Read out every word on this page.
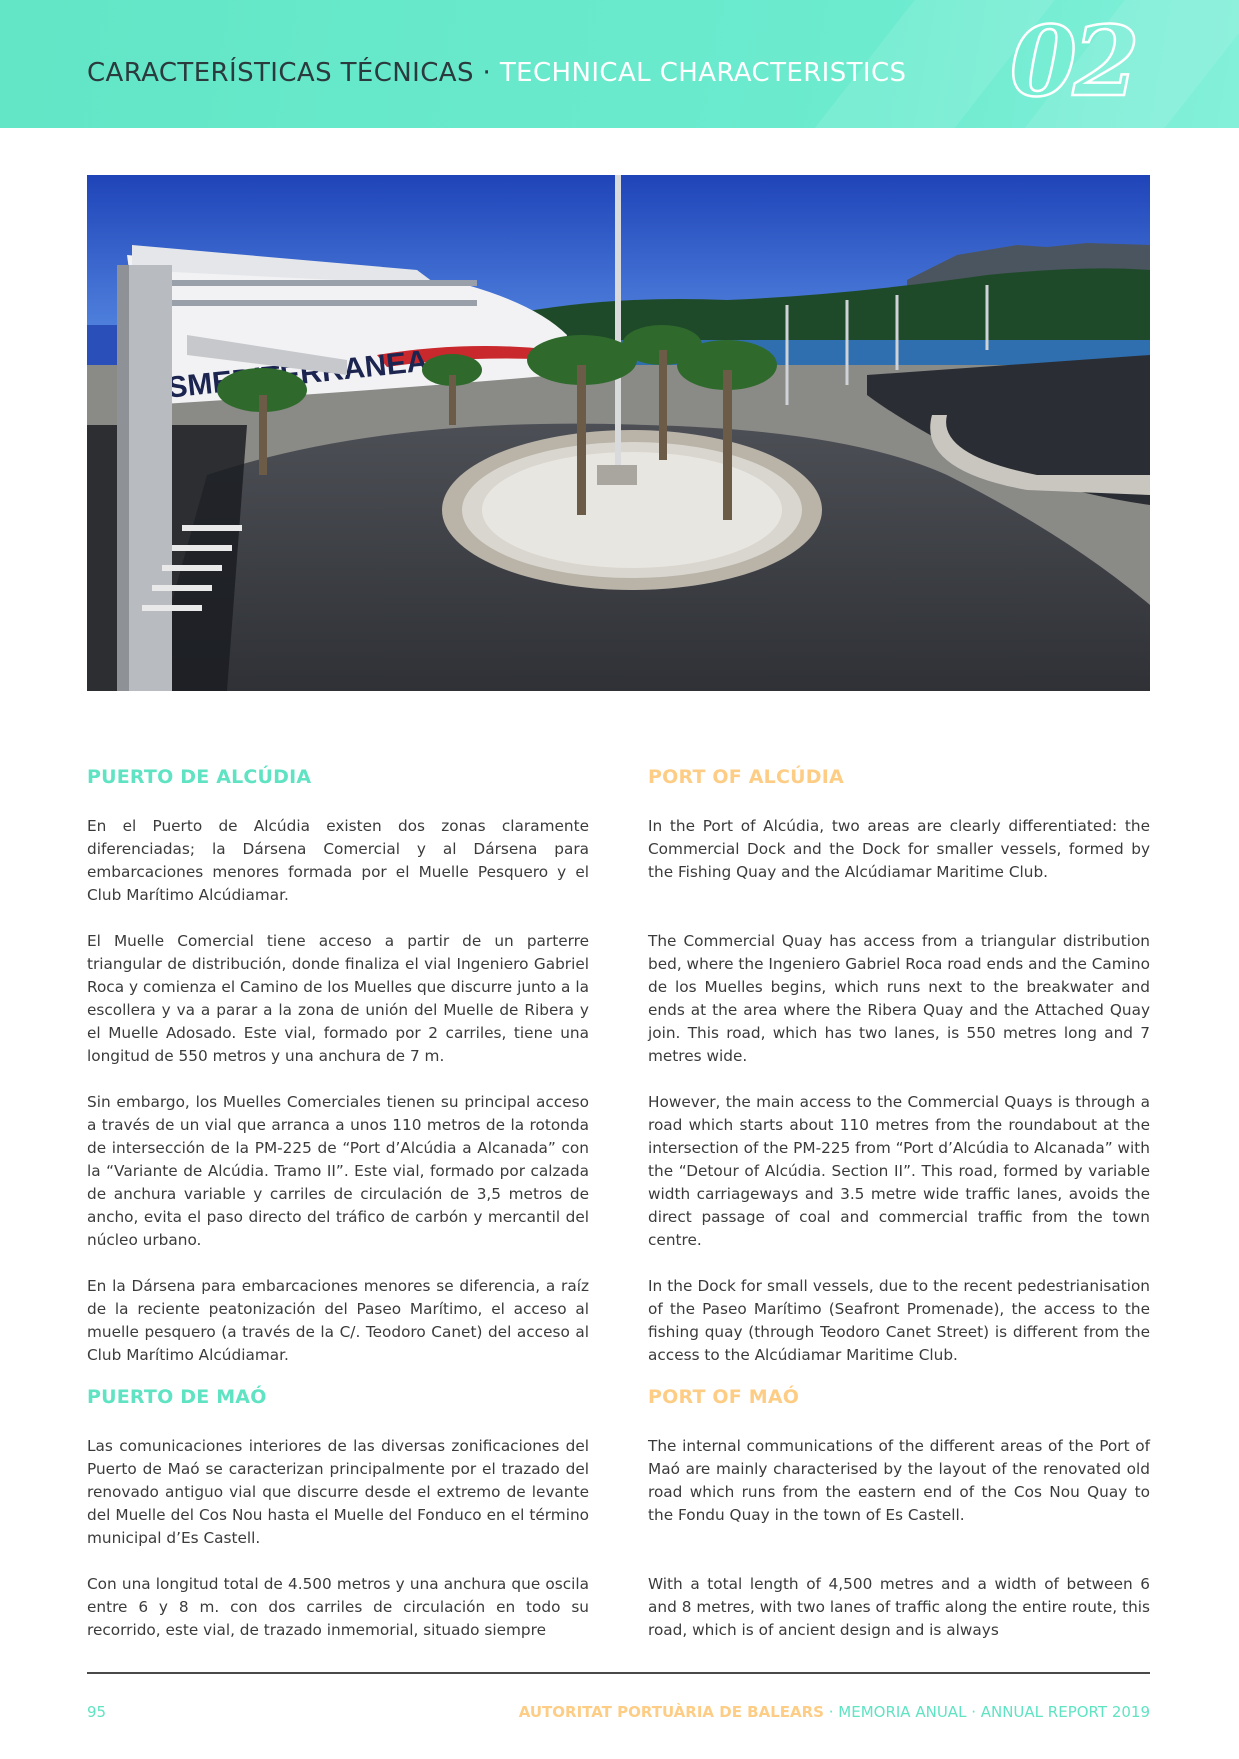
CARACTERÍSTICAS TÉCNICAS · TECHNICAL CHARACTERISTICS 02
PUERTO DE ALCÚDIA
En el Puerto de Alcúdia existen dos zonas claramente diferenciadas; la Dársena Comercial y al Dársena para embarcaciones menores formada por el Muelle Pesquero y el Club Marítimo Alcúdiamar.
El Muelle Comercial tiene acceso a partir de un parterre triangular de distribución, donde finaliza el vial Ingeniero Gabriel Roca y comienza el Camino de los Muelles que discurre junto a la escollera y va a parar a la zona de unión del Muelle de Ribera y el Muelle Adosado. Este vial, formado por 2 carriles, tiene una longitud de 550 metros y una anchura de 7 m.
Sin embargo, los Muelles Comerciales tienen su principal acceso a través de un vial que arranca a unos 110 metros de la rotonda de intersección de la PM-225 de “Port d’Alcúdia a Alcanada” con la “Variante de Alcúdia. Tramo II”. Este vial, formado por calzada de anchura variable y carriles de circulación de 3,5 metros de ancho, evita el paso directo del tráfico de carbón y mercantil del núcleo urbano.
En la Dársena para embarcaciones menores se diferencia, a raíz de la reciente peatonización del Paseo Marítimo, el acceso al muelle pesquero (a través de la C/. Teodoro Canet) del acceso al Club Marítimo Alcúdiamar.
PUERTO DE MAÓ
Las comunicaciones interiores de las diversas zonificaciones del Puerto de Maó se caracterizan principalmente por el trazado del renovado antiguo vial que discurre desde el extremo de levante del Muelle del Cos Nou hasta el Muelle del Fonduco en el término municipal d’Es Castell.
Con una longitud total de 4.500 metros y una anchura que oscila entre 6 y 8 m. con dos carriles de circulación en todo su recorrido, este vial, de trazado inmemorial, situado siempre
PORT OF ALCÚDIA
In the Port of Alcúdia, two areas are clearly differentiated: the Commercial Dock and the Dock for smaller vessels, formed by the Fishing Quay and the Alcúdiamar Maritime Club.
The Commercial Quay has access from a triangular distribution bed, where the Ingeniero Gabriel Roca road ends and the Camino de los Muelles begins, which runs next to the breakwater and ends at the area where the Ribera Quay and the Attached Quay join. This road, which has two lanes, is 550 metres long and 7 metres wide.
However, the main access to the Commercial Quays is through a road which starts about 110 metres from the roundabout at the intersection of the PM-225 from “Port d’Alcúdia to Alcanada” with the “Detour of Alcúdia. Section II”. This road, formed by variable width carriageways and 3.5 metre wide traffic lanes, avoids the direct passage of coal and commercial traffic from the town centre.
In the Dock for small vessels, due to the recent pedestrianisation of the Paseo Marítimo (Seafront Promenade), the access to the fishing quay (through Teodoro Canet Street) is different from the access to the Alcúdiamar Maritime Club.
PORT OF MAÓ
The internal communications of the different areas of the Port of Maó are mainly characterised by the layout of the renovated old road which runs from the eastern end of the Cos Nou Quay to the Fondu Quay in the town of Es Castell.
With a total length of 4,500 metres and a width of between 6 and 8 metres, with two lanes of traffic along the entire route, this road, which is of ancient design and is always
95	AUTORITAT PORTUÀRIA DE BALEARS · MEMORIA ANUAL · ANNUAL REPORT 2019
